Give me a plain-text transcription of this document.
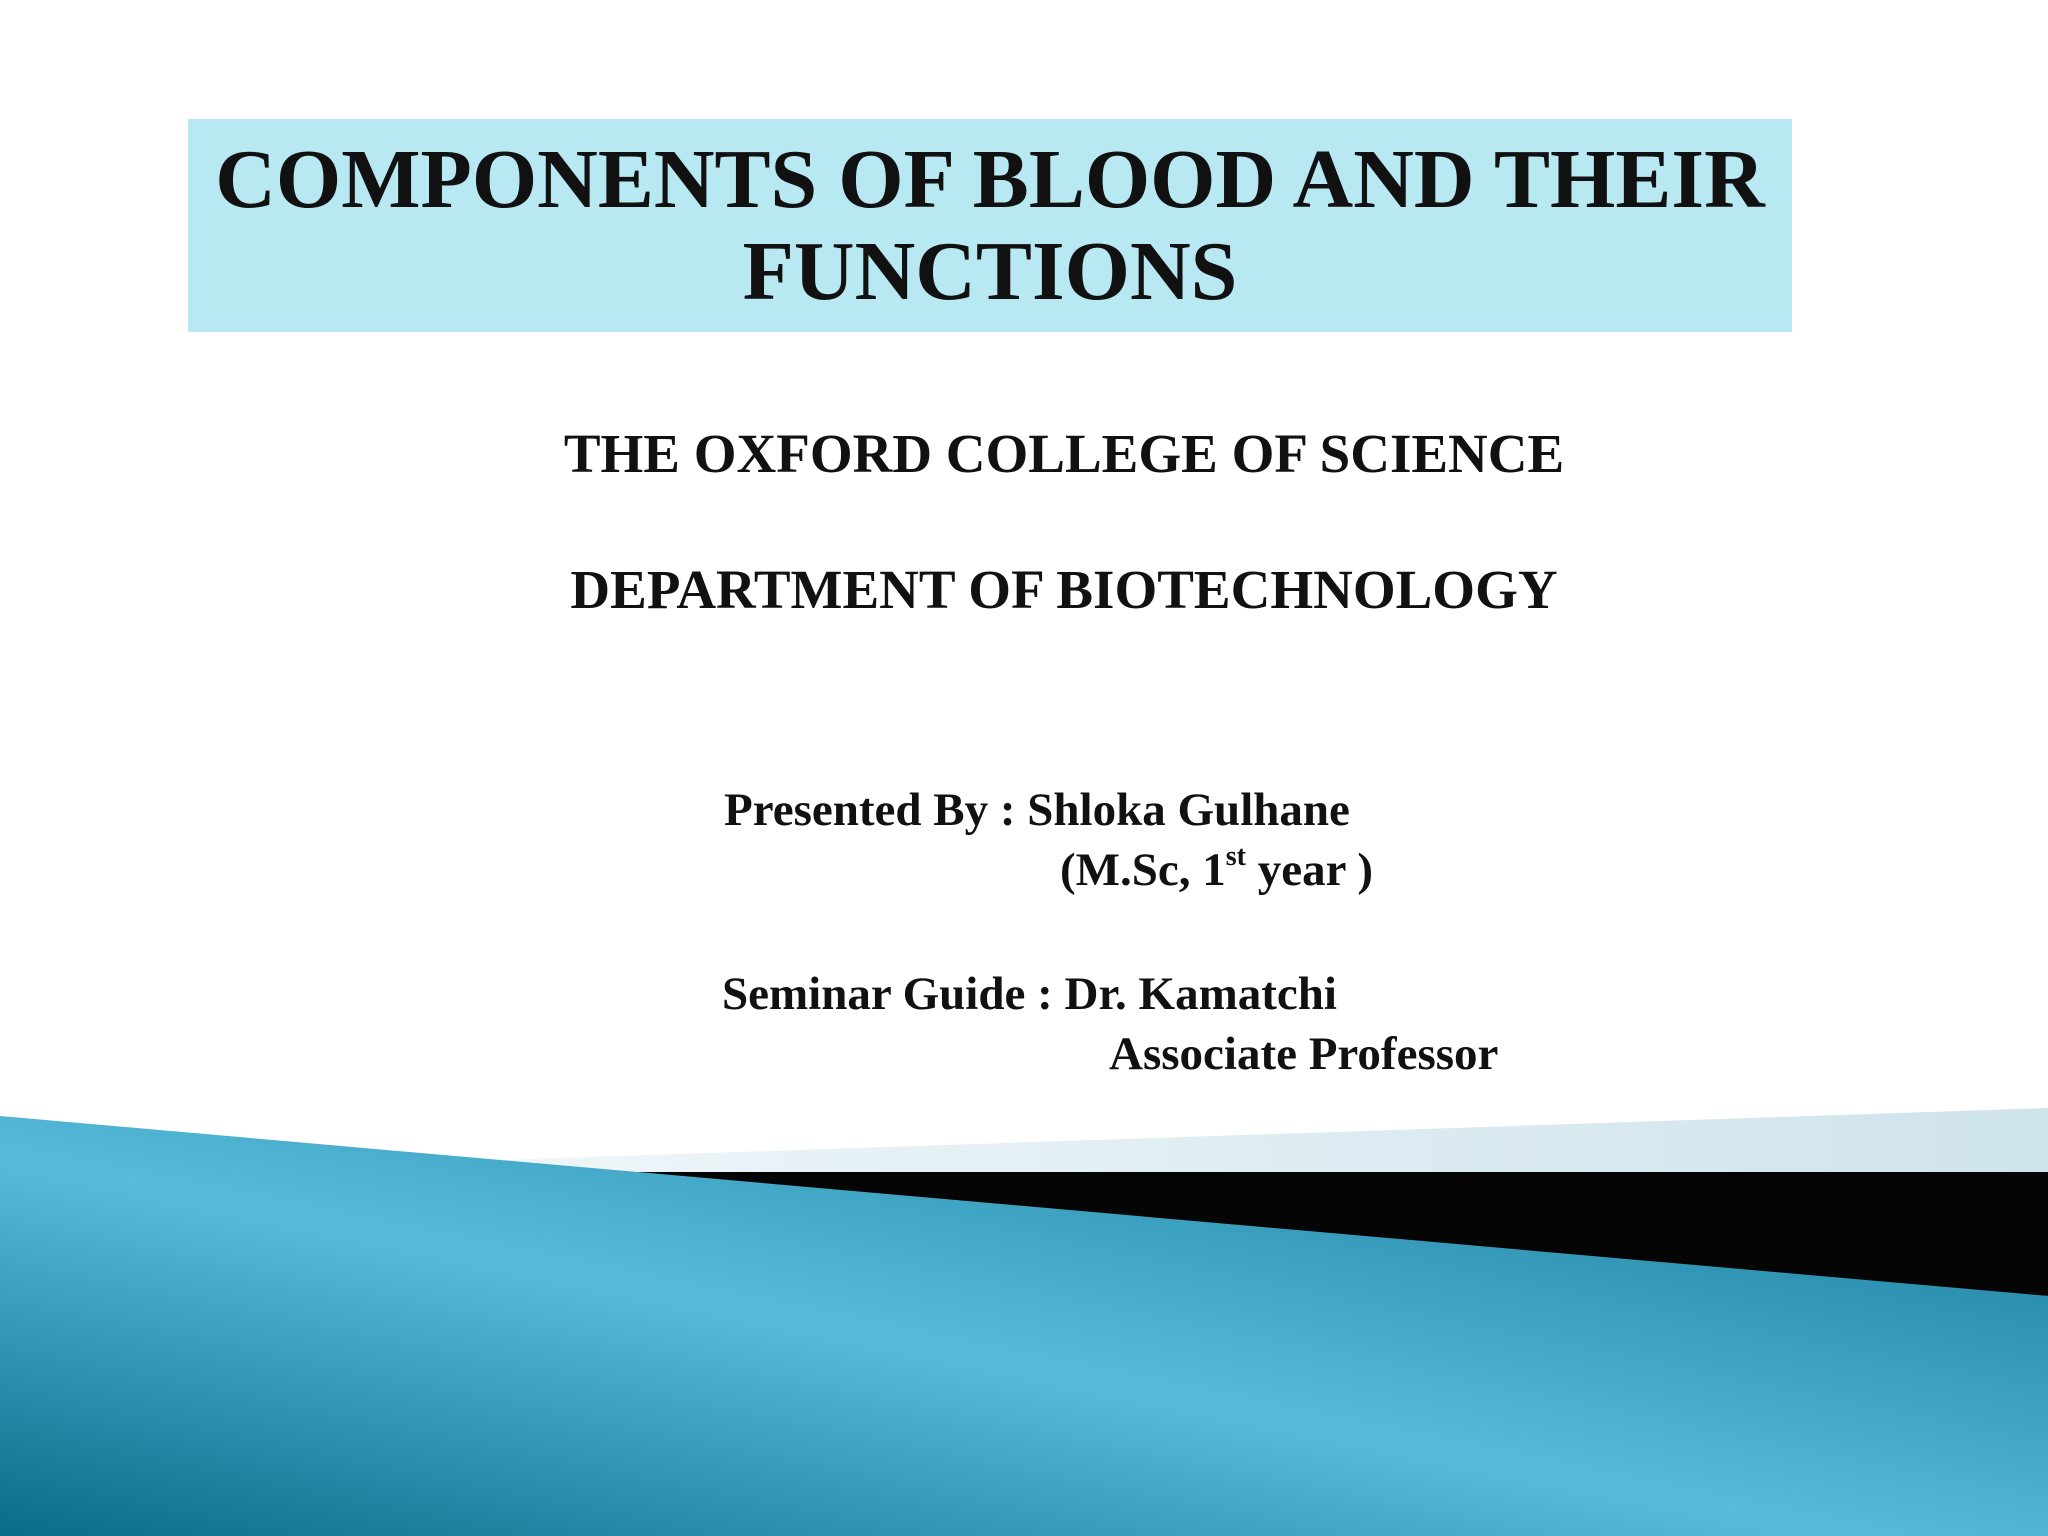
COMPONENTS OF BLOOD AND THEIR
FUNCTIONS
THE OXFORD COLLEGE OF SCIENCE
DEPARTMENT OF BIOTECHNOLOGY
Presented By : Shloka Gulhane
(M.Sc, 1st year )
Seminar Guide : Dr. Kamatchi
Associate Professor
